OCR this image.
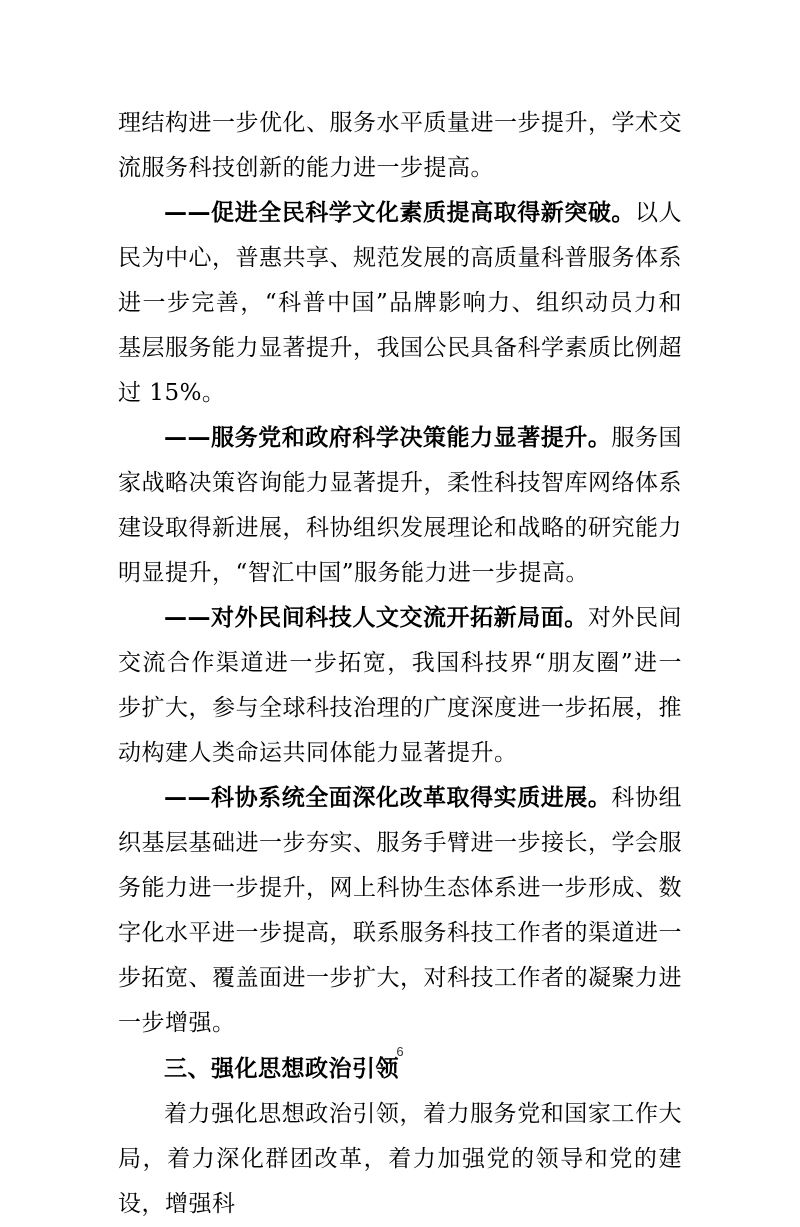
理结构进一步优化、服务水平质量进一步提升，学术交流服务科技创新的能力进一步提高。

——促进全民科学文化素质提高取得新突破。以人民为中心，普惠共享、规范发展的高质量科普服务体系进一步完善，“科普中国”品牌影响力、组织动员力和基层服务能力显著提升，我国公民具备科学素质比例超过 15%。

——服务党和政府科学决策能力显著提升。服务国家战略决策咨询能力显著提升，柔性科技智库网络体系建设取得新进展，科协组织发展理论和战略的研究能力明显提升，“智汇中国”服务能力进一步提高。

——对外民间科技人文交流开拓新局面。对外民间交流合作渠道进一步拓宽，我国科技界“朋友圈”进一步扩大，参与全球科技治理的广度深度进一步拓展，推动构建人类命运共同体能力显著提升。

——科协系统全面深化改革取得实质进展。科协组织基层基础进一步夯实、服务手臂进一步接长，学会服务能力进一步提升，网上科协生态体系进一步形成、数字化水平进一步提高，联系服务科技工作者的渠道进一步拓宽、覆盖面进一步扩大，对科技工作者的凝聚力进一步增强。

三、强化思想政治引领

着力强化思想政治引领，着力服务党和国家工作大局，着力深化群团改革，着力加强党的领导和党的建设，增强科

6
